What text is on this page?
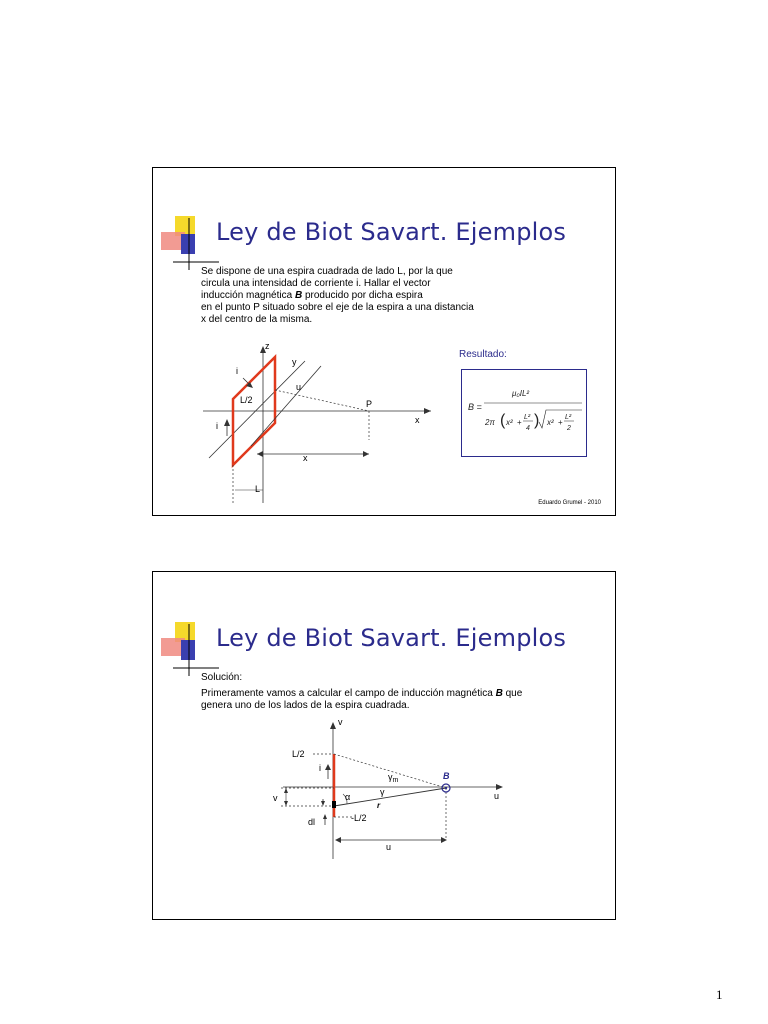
Ley de Biot Savart. Ejemplos

Se dispone de una espira cuadrada de lado L, por la que

circula una intensidad de corriente i. Hallar el vector

inducción magnética B producido por dicha espira

en el punto P situado sobre el eje de la espira a una distancia

x del centro de la misma.

z
y
i
u
L/2	P
x
i
x
L
Resultado:
B =
μ₀IL²
2π ( x² +
L²
4 ) x² +
L²
2
Eduardo Grumel - 2010
Ley de Biot Savart. Ejemplos
Solución:
Primeramente vamos a calcular el campo de inducción magnética B que
genera uno de los lados de la espira cuadrada.
v
L/2
i
$\gamma_m$	B
v	α	γ
r
u
dl	-L/2
u
1
